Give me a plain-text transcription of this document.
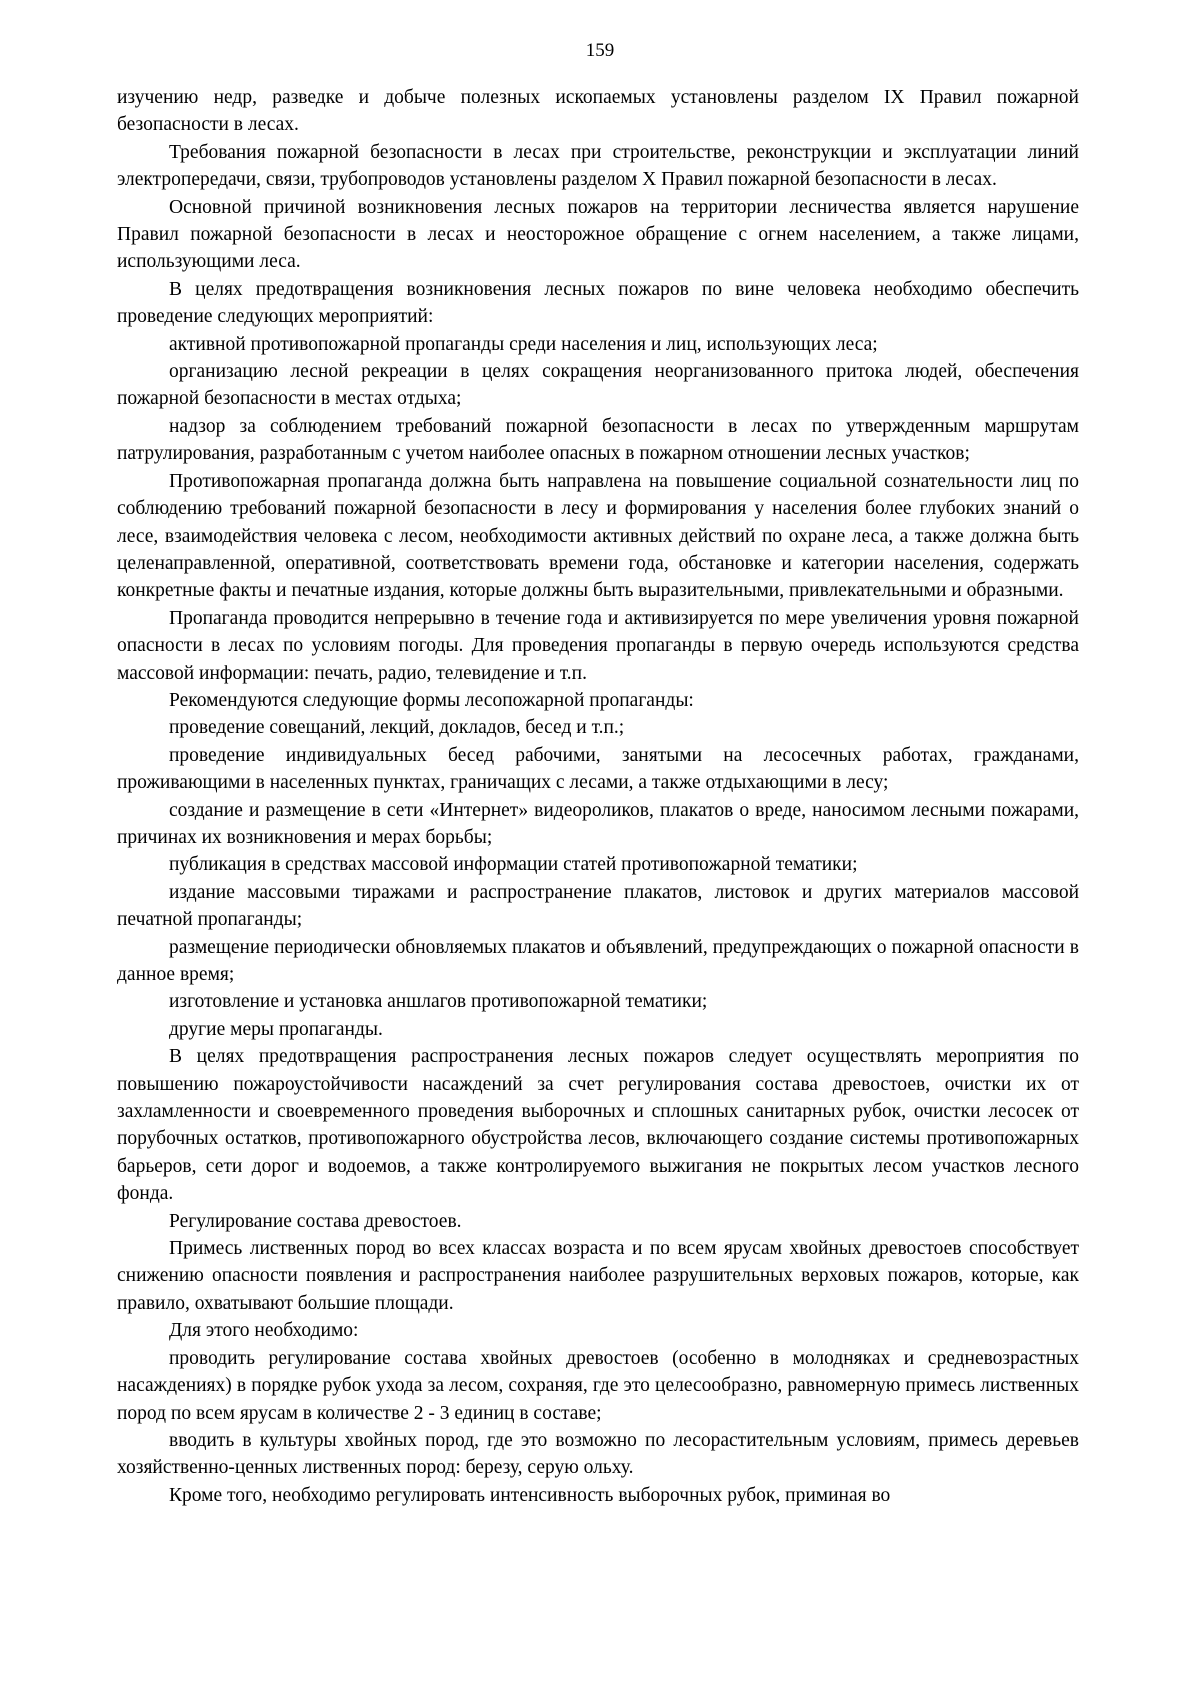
159

изучению недр, разведке и добыче полезных ископаемых установлены разделом IX Правил пожарной безопасности в лесах.

Требования пожарной безопасности в лесах при строительстве, реконструкции и эксплуатации линий электропередачи, связи, трубопроводов установлены разделом X Правил пожарной безопасности в лесах.

Основной причиной возникновения лесных пожаров на территории лесничества является нарушение Правил пожарной безопасности в лесах и неосторожное обращение с огнем населением, а также лицами, использующими леса.

В целях предотвращения возникновения лесных пожаров по вине человека необходимо обеспечить проведение следующих мероприятий:

активной противопожарной пропаганды среди населения и лиц, использующих леса;

организацию лесной рекреации в целях сокращения неорганизованного притока людей, обеспечения пожарной безопасности в местах отдыха;

надзор за соблюдением требований пожарной безопасности в лесах по утвержденным маршрутам патрулирования, разработанным с учетом наиболее опасных в пожарном отношении лесных участков;

Противопожарная пропаганда должна быть направлена на повышение социальной сознательности лиц по соблюдению требований пожарной безопасности в лесу и формирования у населения более глубоких знаний о лесе, взаимодействия человека с лесом, необходимости активных действий по охране леса, а также должна быть целенаправленной, оперативной, соответствовать времени года, обстановке и категории населения, содержать конкретные факты и печатные издания, которые должны быть выразительными, привлекательными и образными.

Пропаганда проводится непрерывно в течение года и активизируется по мере увеличения уровня пожарной опасности в лесах по условиям погоды. Для проведения пропаганды в первую очередь используются средства массовой информации: печать, радио, телевидение и т.п.

Рекомендуются следующие формы лесопожарной пропаганды:

проведение совещаний, лекций, докладов, бесед и т.п.;

проведение индивидуальных бесед рабочими, занятыми на лесосечных работах, гражданами, проживающими в населенных пунктах, граничащих с лесами, а также отдыхающими в лесу;

создание и размещение в сети «Интернет» видеороликов, плакатов о вреде, наносимом лесными пожарами, причинах их возникновения и мерах борьбы;

публикация в средствах массовой информации статей противопожарной тематики;

издание массовыми тиражами и распространение плакатов, листовок и других материалов массовой печатной пропаганды;

размещение периодически обновляемых плакатов и объявлений, предупреждающих о пожарной опасности в данное время;

изготовление и установка аншлагов противопожарной тематики;

другие меры пропаганды.

В целях предотвращения распространения лесных пожаров следует осуществлять мероприятия по повышению пожароустойчивости насаждений за счет регулирования состава древостоев, очистки их от захламленности и своевременного проведения выборочных и сплошных санитарных рубок, очистки лесосек от порубочных остатков, противопожарного обустройства лесов, включающего создание системы противопожарных барьеров, сети дорог и водоемов, а также контролируемого выжигания не покрытых лесом участков лесного фонда.

Регулирование состава древостоев.

Примесь лиственных пород во всех классах возраста и по всем ярусам хвойных древостоев способствует снижению опасности появления и распространения наиболее разрушительных верховых пожаров, которые, как правило, охватывают большие площади.

Для этого необходимо:

проводить регулирование состава хвойных древостоев (особенно в молодняках и средневозрастных насаждениях) в порядке рубок ухода за лесом, сохраняя, где это целесообразно, равномерную примесь лиственных пород по всем ярусам в количестве 2 - 3 единиц в составе;

вводить в культуры хвойных пород, где это возможно по лесорастительным условиям, примесь деревьев хозяйственно-ценных лиственных пород: березу, серую ольху.

Кроме того, необходимо регулировать интенсивность выборочных рубок, приминая во
